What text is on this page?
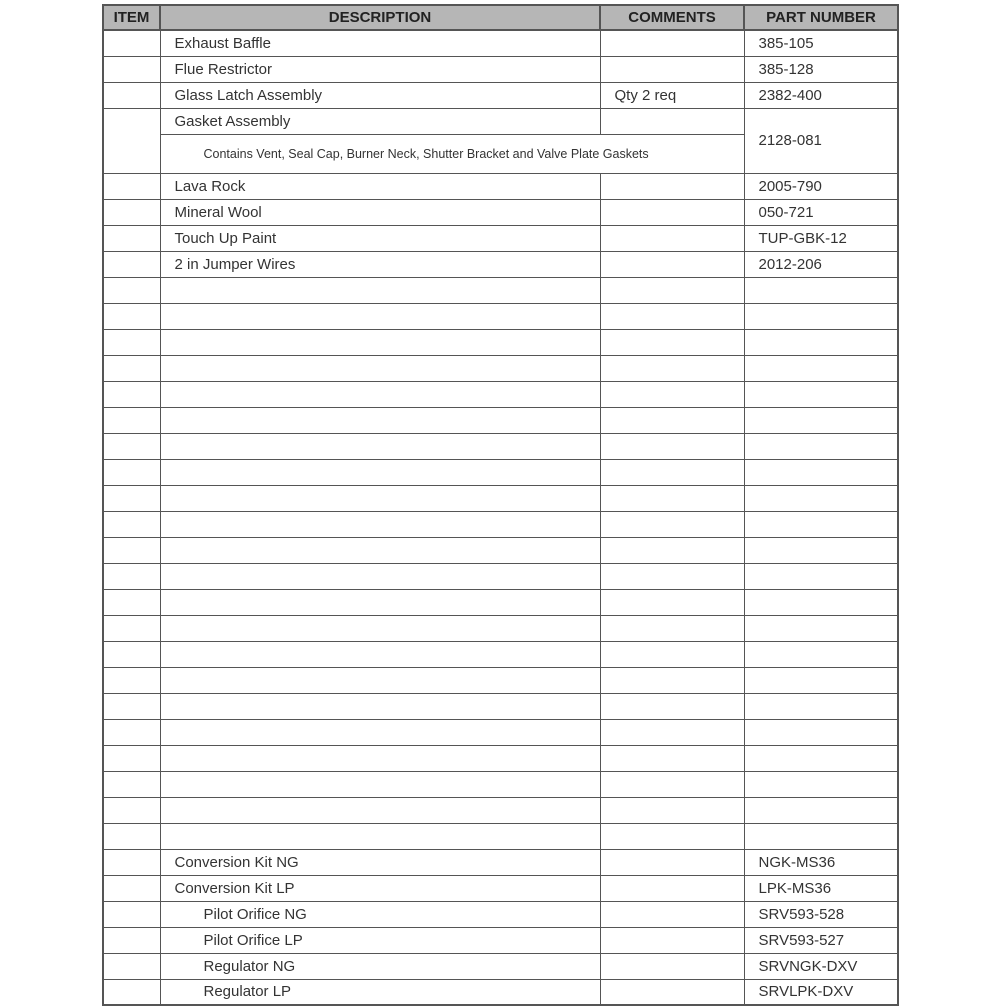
ITEM	DESCRIPTION	COMMENTS	PART NUMBER
	Exhaust Baffle		385-105
	Flue Restrictor		385-128
	Glass Latch Assembly	Qty 2 req	2382-400
	Gasket Assembly		2128-081
	Contains Vent, Seal Cap, Burner Neck, Shutter Bracket and Valve Plate Gaskets		
	Lava Rock		2005-790
	Mineral Wool		050-721
	Touch Up Paint		TUP-GBK-12
	2 in Jumper Wires		2012-206

	Conversion Kit NG		NGK-MS36
	Conversion Kit LP		LPK-MS36
	Pilot Orifice NG		SRV593-528
	Pilot Orifice LP		SRV593-527
	Regulator NG		SRVNGK-DXV
	Regulator LP		SRVLPK-DXV
